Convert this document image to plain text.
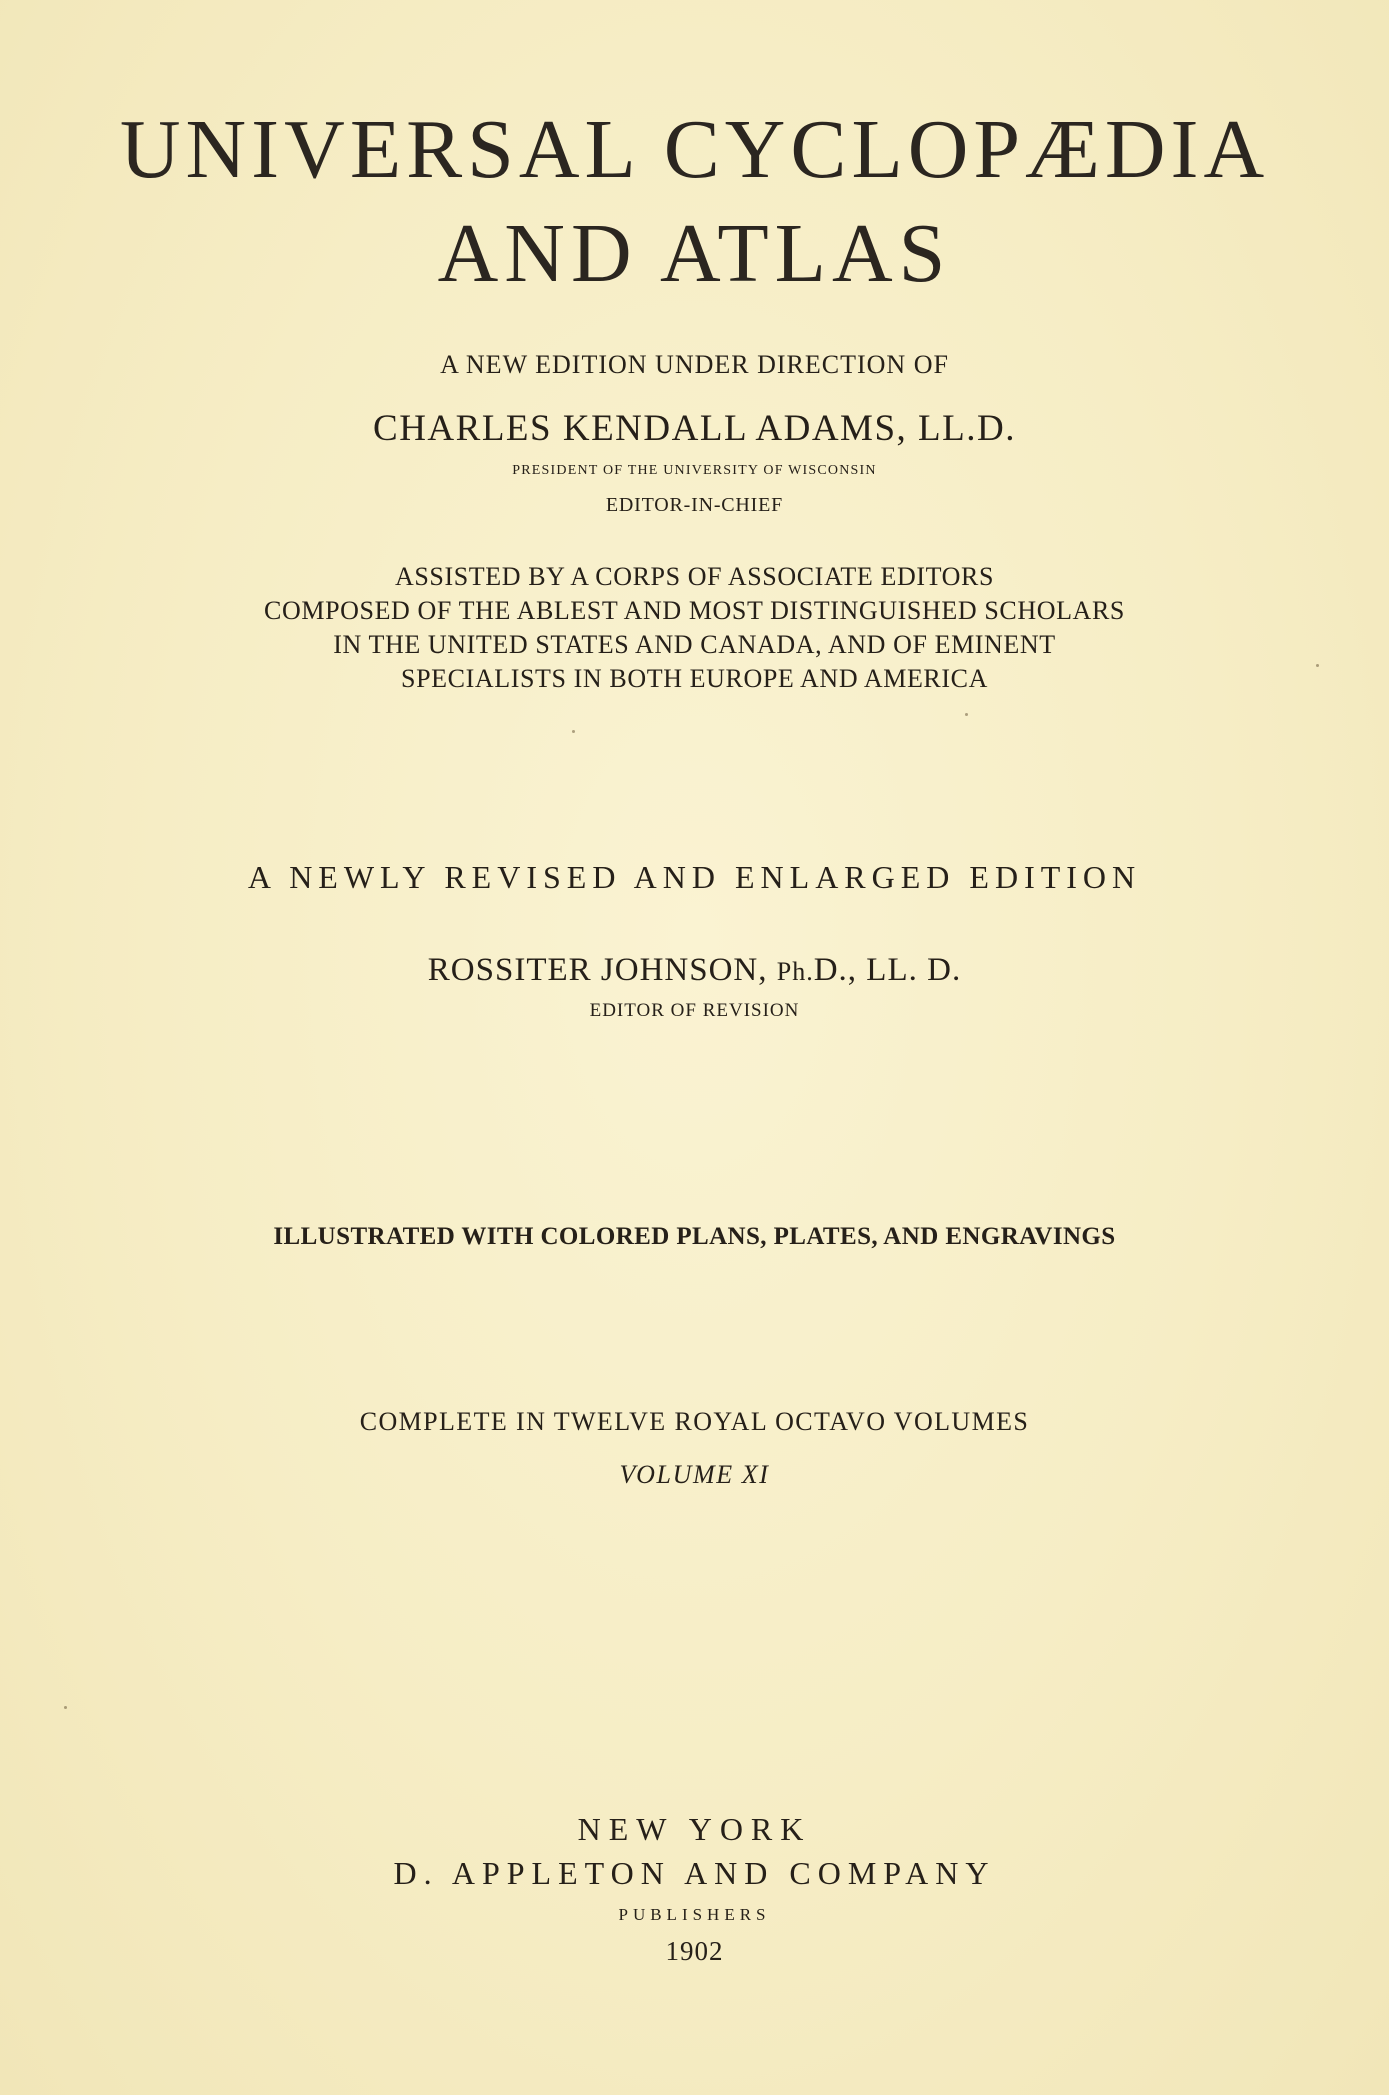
UNIVERSAL CYCLOPÆDIA
AND ATLAS
A NEW EDITION UNDER DIRECTION OF
CHARLES KENDALL ADAMS, LL.D.
PRESIDENT OF THE UNIVERSITY OF WISCONSIN
EDITOR-IN-CHIEF
ASSISTED BY A CORPS OF ASSOCIATE EDITORS
COMPOSED OF THE ABLEST AND MOST DISTINGUISHED SCHOLARS
IN THE UNITED STATES AND CANADA, AND OF EMINENT
SPECIALISTS IN BOTH EUROPE AND AMERICA
A NEWLY REVISED AND ENLARGED EDITION
ROSSITER JOHNSON, Ph.D., LL. D.
EDITOR OF REVISION
ILLUSTRATED WITH COLORED PLANS, PLATES, AND ENGRAVINGS
COMPLETE IN TWELVE ROYAL OCTAVO VOLUMES
VOLUME XI
NEW YORK
D. APPLETON AND COMPANY
PUBLISHERS
1902
